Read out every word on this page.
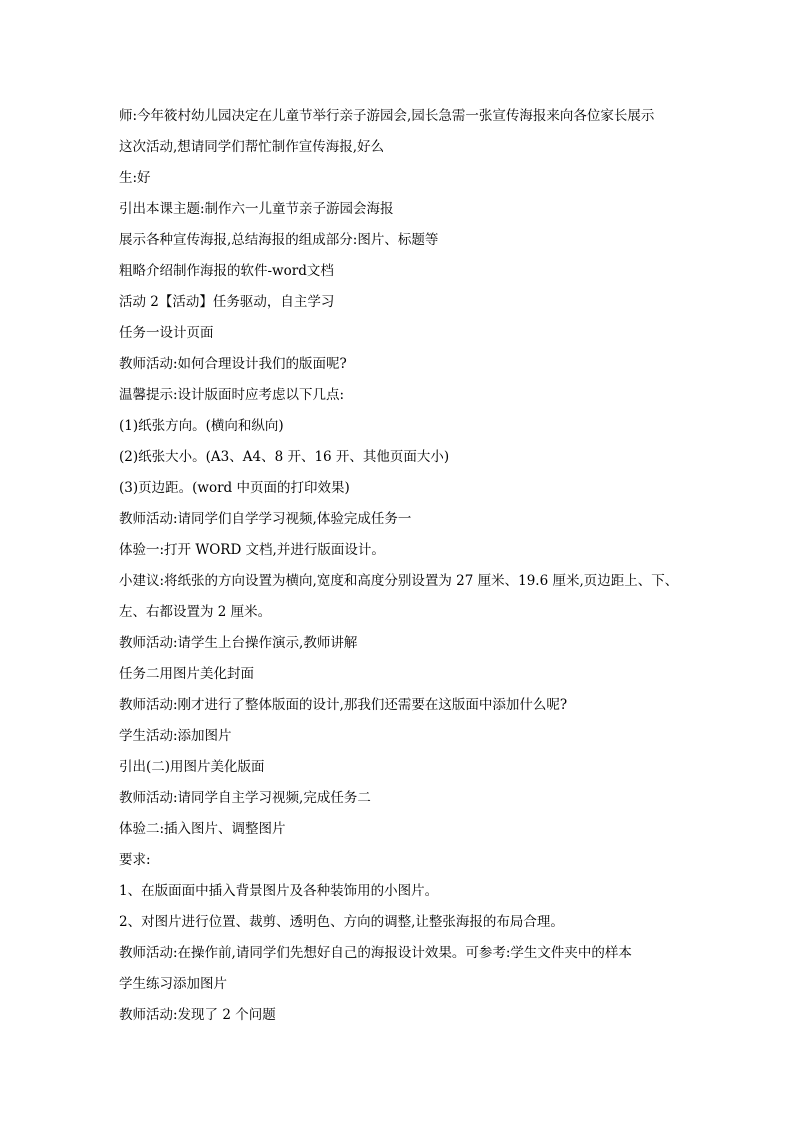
师:今年筱村幼儿园决定在儿童节举行亲子游园会,园长急需一张宣传海报来向各位家长展示
这次活动,想请同学们帮忙制作宣传海报,好么
生:好
引出本课主题:制作六一儿童节亲子游园会海报
展示各种宣传海报,总结海报的组成部分:图片、标题等
粗略介绍制作海报的软件-word文档
活动 2【活动】任务驱动，自主学习
任务一设计页面
教师活动:如何合理设计我们的版面呢?
温馨提示:设计版面时应考虑以下几点:
(1)纸张方向。(横向和纵向)
(2)纸张大小。(A3、A4、8 开、16 开、其他页面大小)
(3)页边距。(word 中页面的打印效果)
教师活动:请同学们自学学习视频,体验完成任务一
体验一:打开 WORD 文档,并进行版面设计。
小建议:将纸张的方向设置为横向,宽度和高度分别设置为 27 厘米、19.6 厘米,页边距上、下、
左、右都设置为 2 厘米。
教师活动:请学生上台操作演示,教师讲解
任务二用图片美化封面
教师活动:刚才进行了整体版面的设计,那我们还需要在这版面中添加什么呢?
学生活动:添加图片
引出(二)用图片美化版面
教师活动:请同学自主学习视频,完成任务二
体验二:插入图片、调整图片
要求:
1、在版面面中插入背景图片及各种装饰用的小图片。
2、对图片进行位置、裁剪、透明色、方向的调整,让整张海报的布局合理。
教师活动:在操作前,请同学们先想好自己的海报设计效果。可参考:学生文件夹中的样本
学生练习添加图片
教师活动:发现了 2 个问题
